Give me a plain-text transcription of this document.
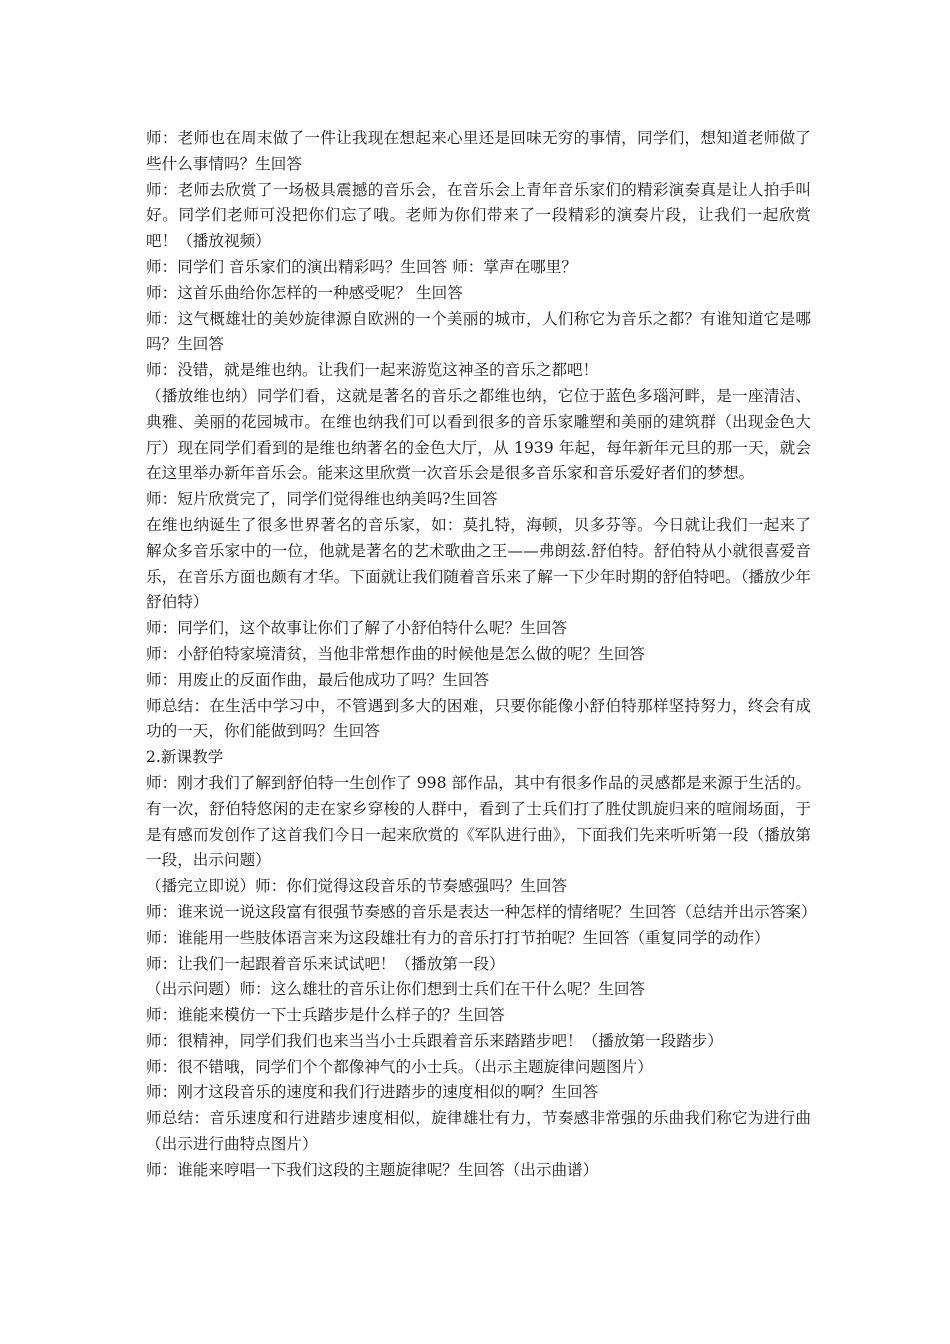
师：老师也在周末做了一件让我现在想起来心里还是回味无穷的事情，同学们，想知道老师做了些什么事情吗？生回答

师：老师去欣赏了一场极具震撼的音乐会，在音乐会上青年音乐家们的精彩演奏真是让人拍手叫好。同学们老师可没把你们忘了哦。老师为你们带来了一段精彩的演奏片段，让我们一起欣赏吧！（播放视频）

师：同学们 音乐家们的演出精彩吗？生回答 师：掌声在哪里？

师：这首乐曲给你怎样的一种感受呢？ 生回答

师：这气概雄壮的美妙旋律源自欧洲的一个美丽的城市，人们称它为音乐之都？有谁知道它是哪吗？生回答

师：没错，就是维也纳。让我们一起来游览这神圣的音乐之都吧！

（播放维也纳）同学们看，这就是著名的音乐之都维也纳，它位于蓝色多瑙河畔，是一座清洁、典雅、美丽的花园城市。在维也纳我们可以看到很多的音乐家雕塑和美丽的建筑群（出现金色大厅）现在同学们看到的是维也纳著名的金色大厅，从 1939 年起，每年新年元旦的那一天，就会在这里举办新年音乐会。能来这里欣赏一次音乐会是很多音乐家和音乐爱好者们的梦想。

师：短片欣赏完了，同学们觉得维也纳美吗?生回答

在维也纳诞生了很多世界著名的音乐家，如：莫扎特，海顿，贝多芬等。今日就让我们一起来了解众多音乐家中的一位，他就是著名的艺术歌曲之王——弗朗兹.舒伯特。舒伯特从小就很喜爱音乐，在音乐方面也颇有才华。下面就让我们随着音乐来了解一下少年时期的舒伯特吧。（播放少年舒伯特）

师：同学们，这个故事让你们了解了小舒伯特什么呢？生回答

师：小舒伯特家境清贫，当他非常想作曲的时候他是怎么做的呢？生回答

师：用废止的反面作曲，最后他成功了吗？生回答

师总结：在生活中学习中，不管遇到多大的困难，只要你能像小舒伯特那样坚持努力，终会有成功的一天，你们能做到吗？生回答

2.新课教学

师：刚才我们了解到舒伯特一生创作了 998 部作品，其中有很多作品的灵感都是来源于生活的。有一次，舒伯特悠闲的走在家乡穿梭的人群中，看到了士兵们打了胜仗凯旋归来的喧闹场面，于是有感而发创作了这首我们今日一起来欣赏的《军队进行曲》，下面我们先来听听第一段（播放第一段，出示问题）

（播完立即说）师：你们觉得这段音乐的节奏感强吗？生回答

师：谁来说一说这段富有很强节奏感的音乐是表达一种怎样的情绪呢？生回答（总结并出示答案）

师：谁能用一些肢体语言来为这段雄壮有力的音乐打打节拍呢？生回答（重复同学的动作）

师：让我们一起跟着音乐来试试吧！（播放第一段）

（出示问题）师：这么雄壮的音乐让你们想到士兵们在干什么呢？生回答

师：谁能来模仿一下士兵踏步是什么样子的？生回答

师：很精神，同学们我们也来当当小士兵跟着音乐来踏踏步吧！（播放第一段踏步）

师：很不错哦，同学们个个都像神气的小士兵。（出示主题旋律问题图片）

师：刚才这段音乐的速度和我们行进踏步的速度相似的啊？生回答

师总结：音乐速度和行进踏步速度相似，旋律雄壮有力，节奏感非常强的乐曲我们称它为进行曲（出示进行曲特点图片）

师：谁能来哼唱一下我们这段的主题旋律呢？生回答（出示曲谱）
